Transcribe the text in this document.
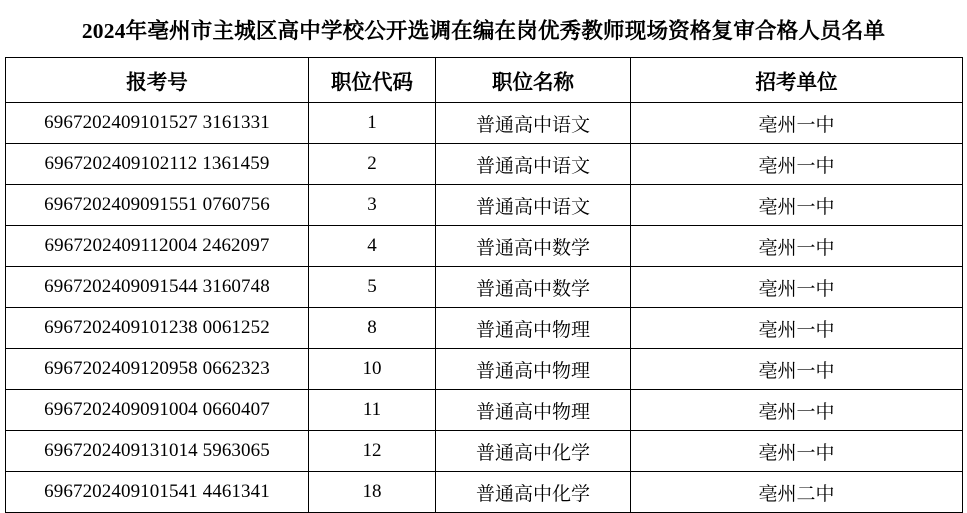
2024年亳州市主城区高中学校公开选调在编在岗优秀教师现场资格复审合格人员名单
报考号	职位代码	职位名称	招考单位
6967202409101527 3161331	1	普通高中语文	亳州一中
6967202409102112 1361459	2	普通高中语文	亳州一中
6967202409091551 0760756	3	普通高中语文	亳州一中
6967202409112004 2462097	4	普通高中数学	亳州一中
6967202409091544 3160748	5	普通高中数学	亳州一中
6967202409101238 0061252	8	普通高中物理	亳州一中
6967202409120958 0662323	10	普通高中物理	亳州一中
6967202409091004 0660407	11	普通高中物理	亳州一中
6967202409131014 5963065	12	普通高中化学	亳州一中
6967202409101541 4461341	18	普通高中化学	亳州二中
